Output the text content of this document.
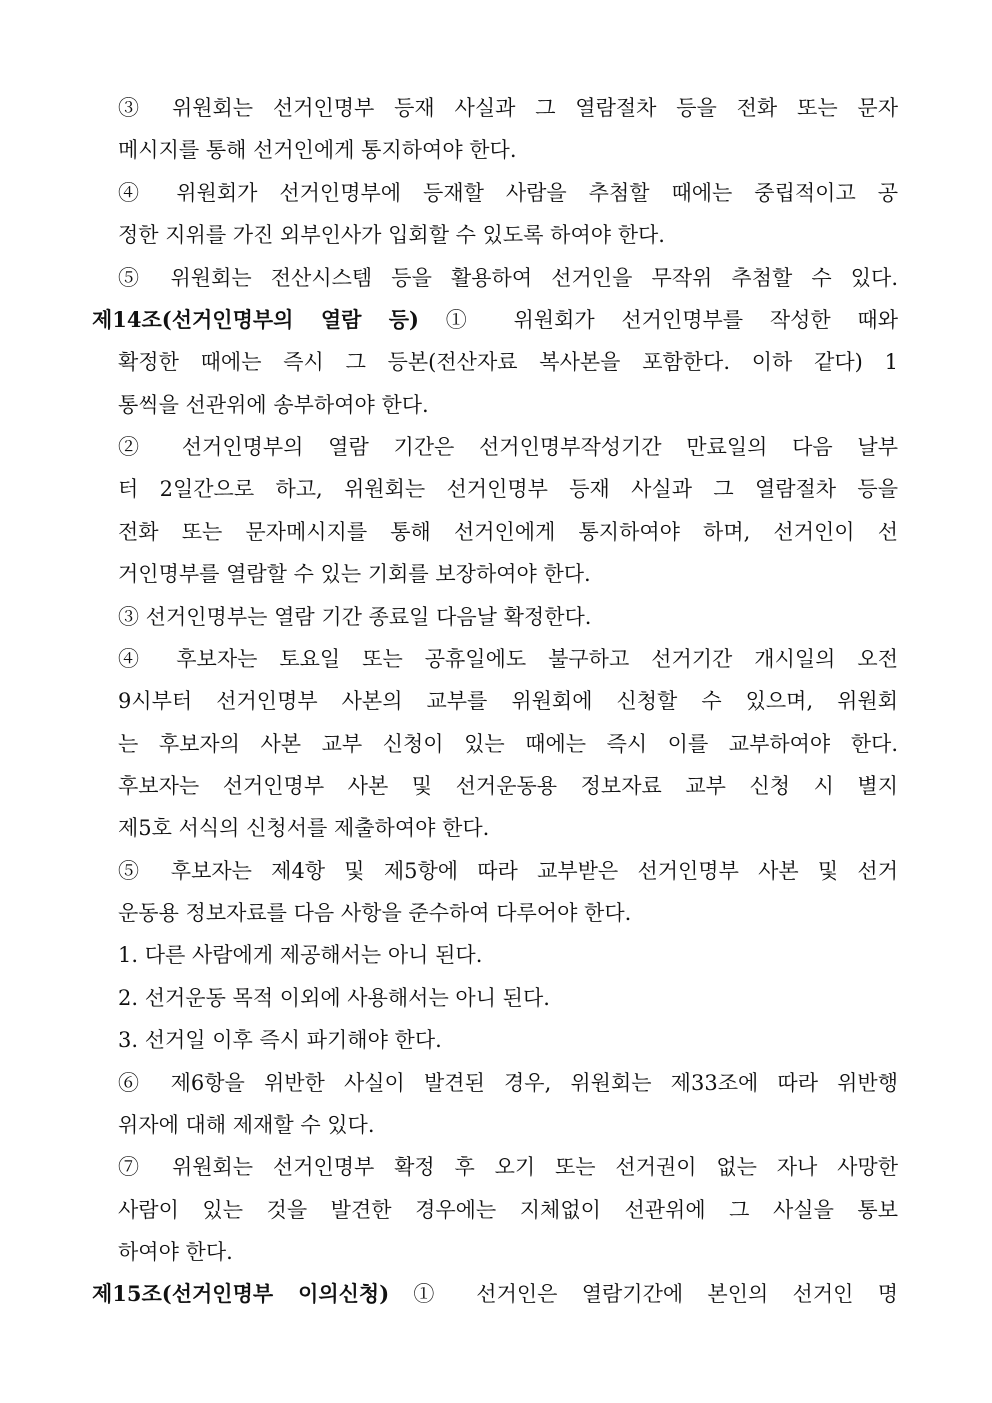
③ 위원회는 선거인명부 등재 사실과 그 열람절차 등을 전화 또는 문자
메시지를 통해 선거인에게 통지하여야 한다.
④ 위원회가 선거인명부에 등재할 사람을 추첨할 때에는 중립적이고 공
정한 지위를 가진 외부인사가 입회할 수 있도록 하여야 한다.
⑤ 위원회는 전산시스템 등을 활용하여 선거인을 무작위 추첨할 수 있다.
제14조(선거인명부의 열람 등) ① 위원회가 선거인명부를 작성한 때와
확정한 때에는 즉시 그 등본(전산자료 복사본을 포함한다. 이하 같다) 1
통씩을 선관위에 송부하여야 한다.
② 선거인명부의 열람 기간은 선거인명부작성기간 만료일의 다음 날부
터 2일간으로 하고, 위원회는 선거인명부 등재 사실과 그 열람절차 등을
전화 또는 문자메시지를 통해 선거인에게 통지하여야 하며, 선거인이 선
거인명부를 열람할 수 있는 기회를 보장하여야 한다.
③ 선거인명부는 열람 기간 종료일 다음날 확정한다.
④ 후보자는 토요일 또는 공휴일에도 불구하고 선거기간 개시일의 오전
9시부터 선거인명부 사본의 교부를 위원회에 신청할 수 있으며, 위원회
는 후보자의 사본 교부 신청이 있는 때에는 즉시 이를 교부하여야 한다.
후보자는 선거인명부 사본 및 선거운동용 정보자료 교부 신청 시 별지
제5호 서식의 신청서를 제출하여야 한다.
⑤ 후보자는 제4항 및 제5항에 따라 교부받은 선거인명부 사본 및 선거
운동용 정보자료를 다음 사항을 준수하여 다루어야 한다.
1. 다른 사람에게 제공해서는 아니 된다.
2. 선거운동 목적 이외에 사용해서는 아니 된다.
3. 선거일 이후 즉시 파기해야 한다.
⑥ 제6항을 위반한 사실이 발견된 경우, 위원회는 제33조에 따라 위반행
위자에 대해 제재할 수 있다.
⑦ 위원회는 선거인명부 확정 후 오기 또는 선거권이 없는 자나 사망한
사람이 있는 것을 발견한 경우에는 지체없이 선관위에 그 사실을 통보
하여야 한다.
제15조(선거인명부 이의신청) ① 선거인은 열람기간에 본인의 선거인 명
